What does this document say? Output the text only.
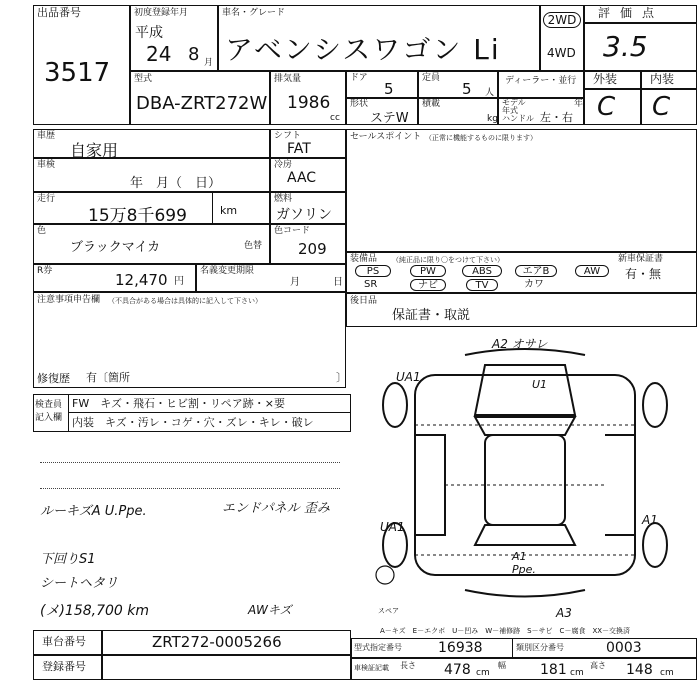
出品番号
3517
初度登録年月
平成
24 8 月
車名・グレード
アベンシスワゴン Li
2WD
4WD
評価点
3.5
型式
DBA-ZRT272W
排気量
1986
cc
ドア
5
定員
5 人
ディーラー・並行
形状
ステW
積載
kg
モデル年式
年
ハンドル 左・右
外装	内装
C C
車歴
自家用
車検
年　月（　日）
走行
15万8千699	km
色
ブラックマイカ	色替
R券	12,470 円
名義変更期限
月	日
注意事項申告欄 （不具合がある場合は具体的に記入して下さい）
修復歴 有〔箇所	〕
検査員
記入欄
FW　キズ・飛石・ヒビ割・リペア跡・×要
内装　キズ・汚レ・コゲ・穴・ズレ・キレ・破レ
ルーキズA U.Ppe.	エンドパネル 歪み
下回りS1
シートヘタリ
(メ)158,700 km	AWキズ
シフト
FAT
冷房
AAC
燃料
ガソリン
色コード
209
セールスポイント （正常に機能するものに限ります）
装備品 （純正品に限り〇をつけて下さい）	新車保証書
有・無
PS	PW	ABS	エアB	AW
SR	ナビ	TV	カワ
後日品
保証書・取説
A2 オサレ
UA1
U1
A1
UA1
A1 Ppe.
A3
スペア
A－キズ　E－エクボ　U－凹み　W－補修跡　S－サビ　C－腐食　XX－交換済
車台番号	ZRT272-0005266
登録番号
型式指定番号	16938	類別区分番号	0003
車検証記載 長さ 478 cm
幅 181 cm
高さ 148 cm
